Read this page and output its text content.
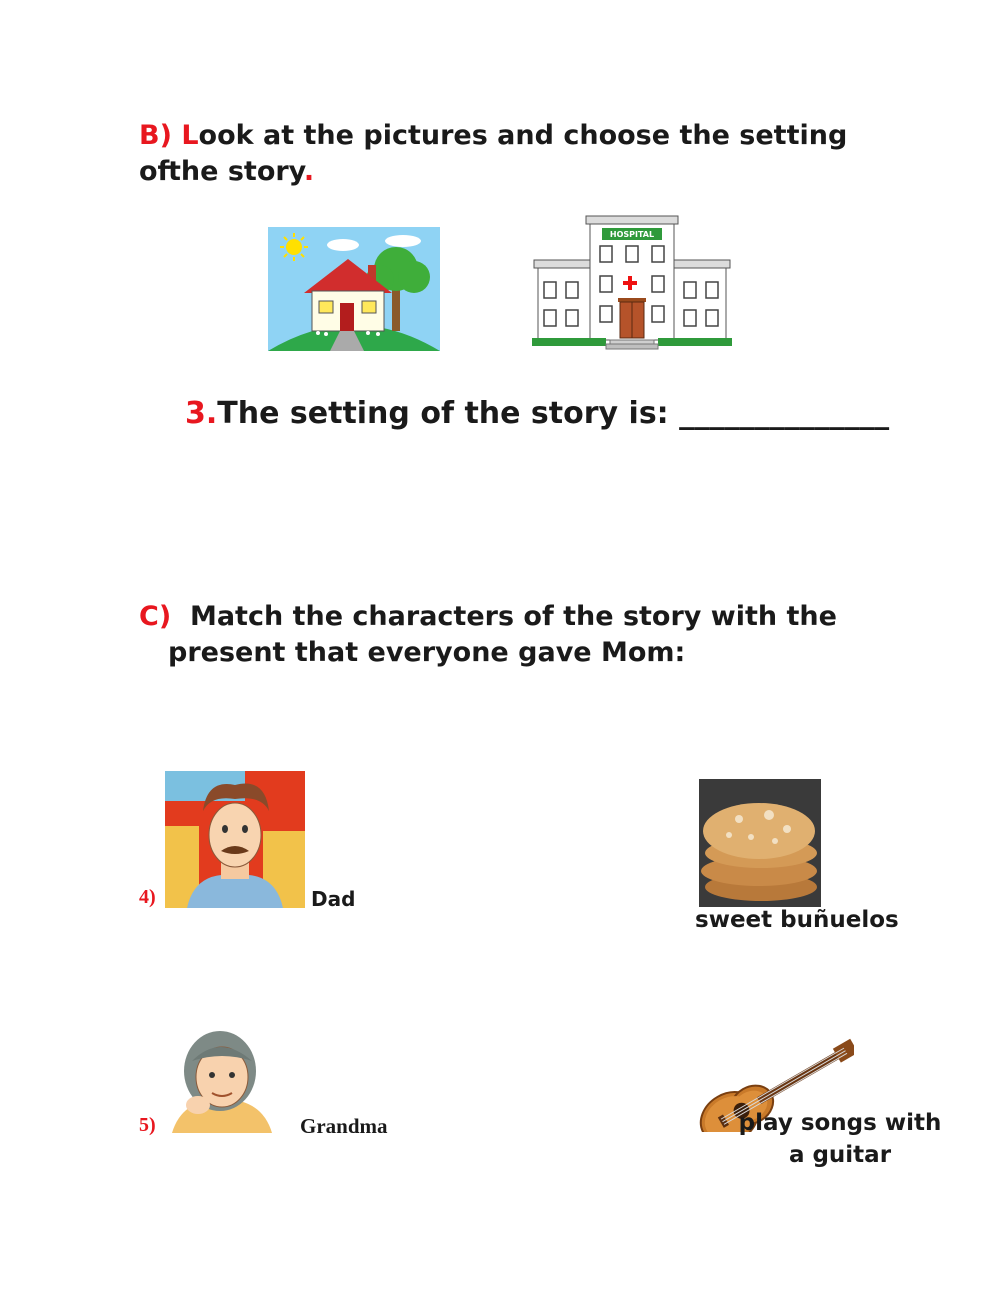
B) Look at the pictures and choose the setting of
the story.
HOSPITAL
3.The setting of the story is: ______________
C) Match the characters of the story with the
present that everyone gave Mom:
4)	Dad
sweet buñuelos
5)	Grandma	play songs with
a guitar
